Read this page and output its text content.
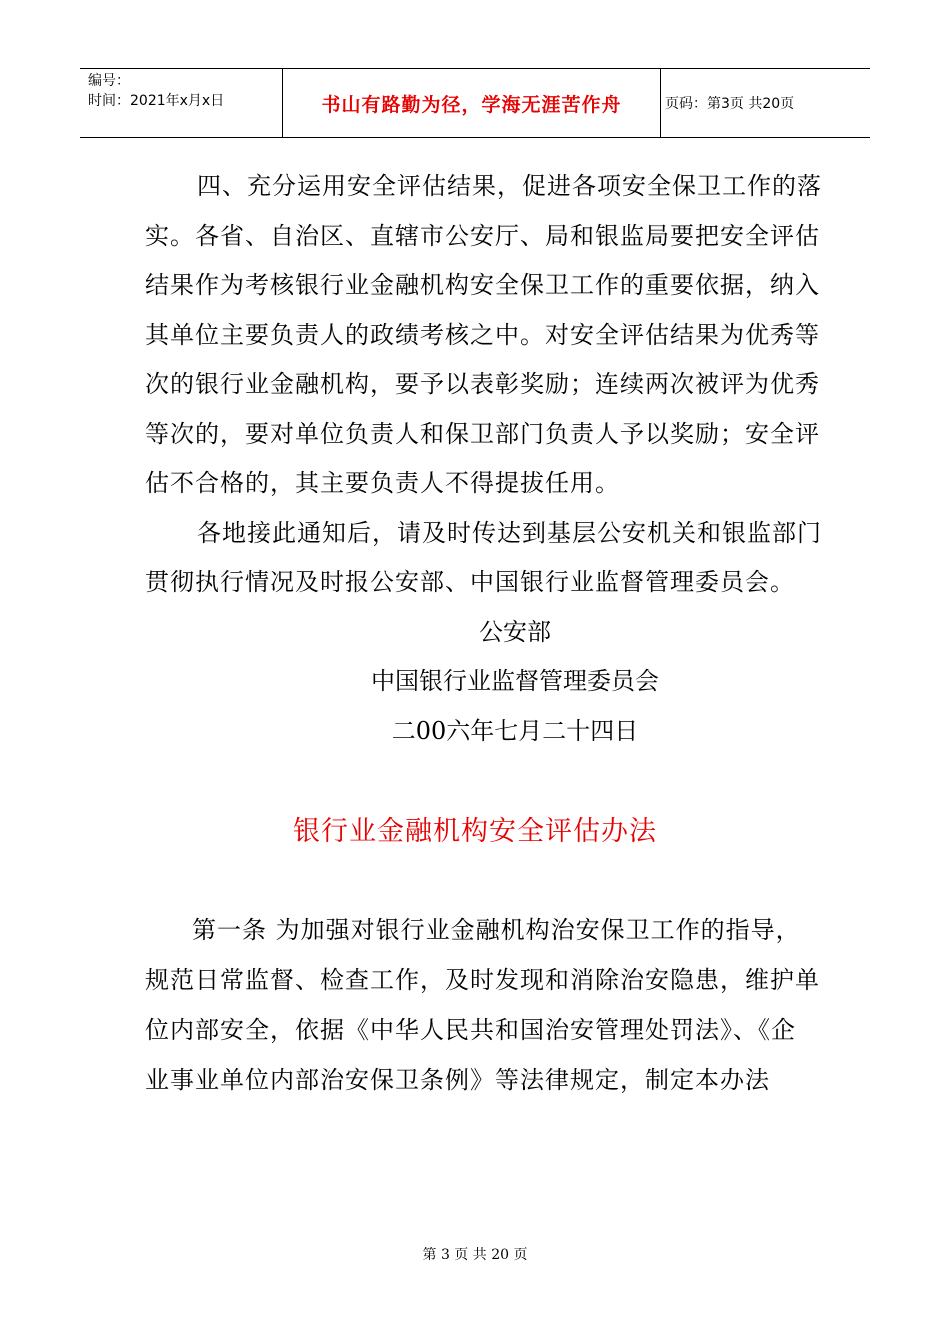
编号：
时间：2021年x月x日	书山有路勤为径，学海无涯苦作舟	页码：第3页 共20页
四、充分运用安全评估结果，促进各项安全保卫工作的落
实。各省、自治区、直辖市公安厅、局和银监局要把安全评估
结果作为考核银行业金融机构安全保卫工作的重要依据，纳入
其单位主要负责人的政绩考核之中。对安全评估结果为优秀等
次的银行业金融机构，要予以表彰奖励；连续两次被评为优秀
等次的，要对单位负责人和保卫部门负责人予以奖励；安全评
估不合格的，其主要负责人不得提拔任用。
各地接此通知后，请及时传达到基层公安机关和银监部门
贯彻执行情况及时报公安部、中国银行业监督管理委员会。
公安部
中国银行业监督管理委员会
二00六年七月二十四日
银行业金融机构安全评估办法
第一条 为加强对银行业金融机构治安保卫工作的指导，
规范日常监督、检查工作，及时发现和消除治安隐患，维护单
位内部安全，依据《中华人民共和国治安管理处罚法》、《企
业事业单位内部治安保卫条例》等法律规定，制定本办法
第 3 页 共 20 页
